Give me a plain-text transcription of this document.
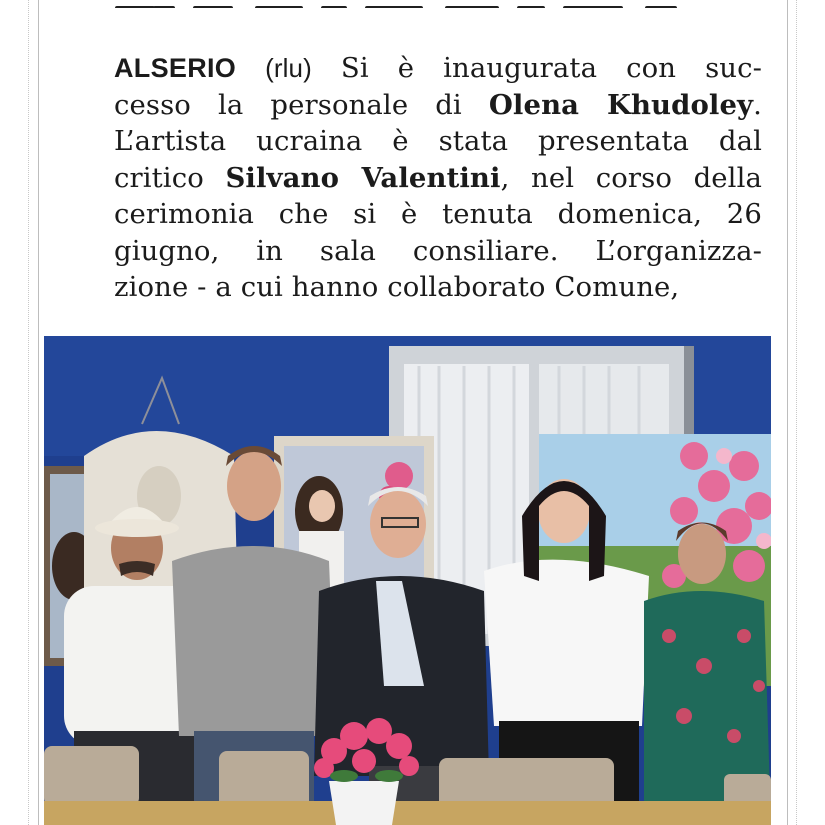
ALSERIO (rlu) Si è inaugurata con suc-
cesso la personale di Olena Khudoley.
L’artista ucraina è stata presentata dal
critico Silvano Valentini, nel corso della
cerimonia che si è tenuta domenica, 26
giugno, in sala consiliare. L’organizza-
zione - a cui hanno collaborato Comune,
